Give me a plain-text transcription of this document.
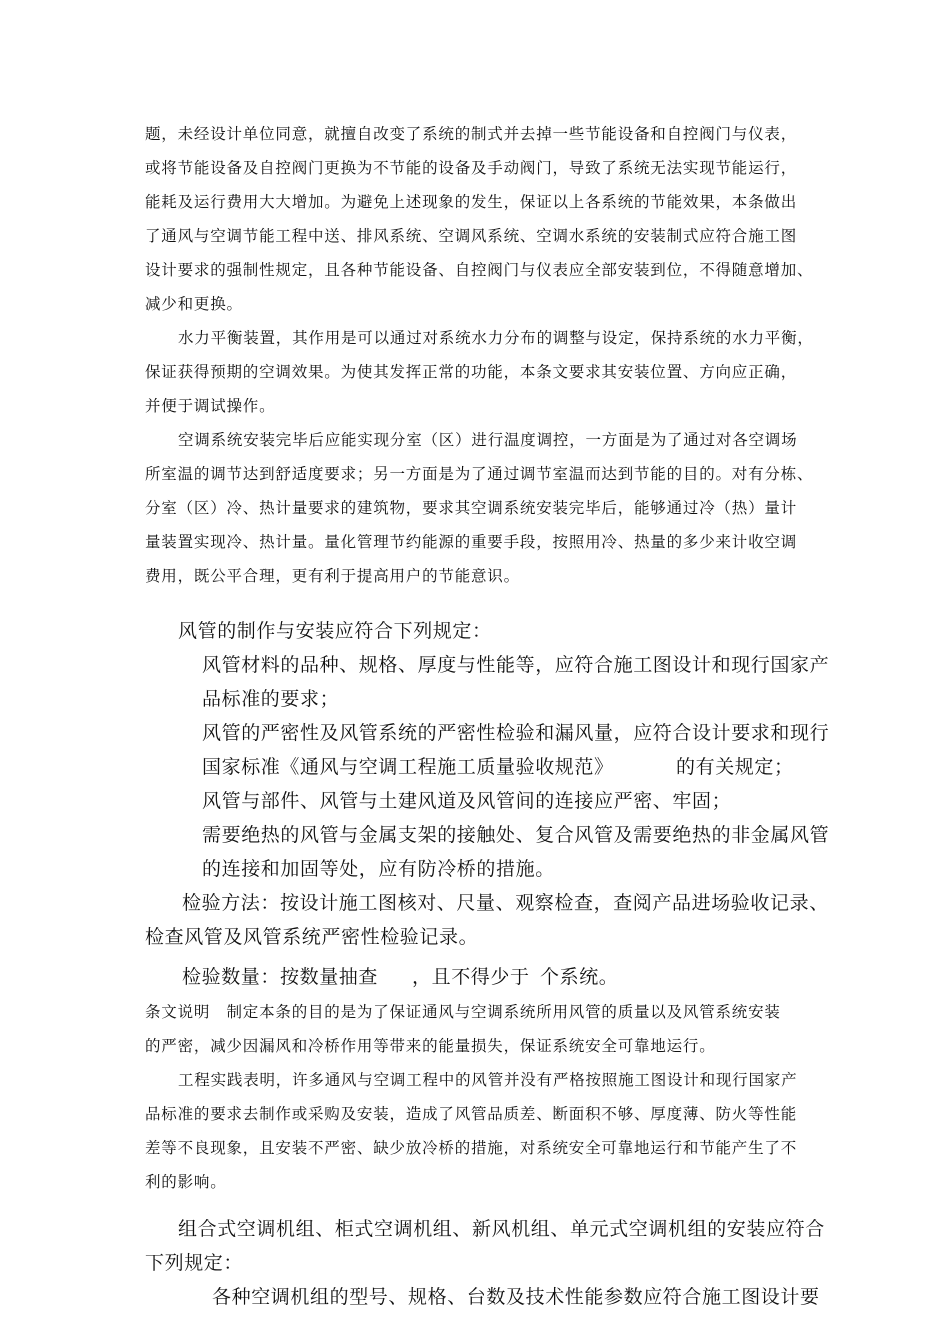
题，未经设计单位同意，就擅自改变了系统的制式并去掉一些节能设备和自控阀门与仪表，
或将节能设备及自控阀门更换为不节能的设备及手动阀门，导致了系统无法实现节能运行，
能耗及运行费用大大增加。为避免上述现象的发生，保证以上各系统的节能效果，本条做出
了通风与空调节能工程中送、排风系统、空调风系统、空调水系统的安装制式应符合施工图
设计要求的强制性规定，且各种节能设备、自控阀门与仪表应全部安装到位，不得随意增加、
减少和更换。
水力平衡装置，其作用是可以通过对系统水力分布的调整与设定，保持系统的水力平衡，
保证获得预期的空调效果。为使其发挥正常的功能，本条文要求其安装位置、方向应正确，
并便于调试操作。
空调系统安装完毕后应能实现分室（区）进行温度调控，一方面是为了通过对各空调场
所室温的调节达到舒适度要求；另一方面是为了通过调节室温而达到节能的目的。对有分栋、
分室（区）冷、热计量要求的建筑物，要求其空调系统安装完毕后，能够通过冷（热）量计
量装置实现冷、热计量。量化管理节约能源的重要手段，按照用冷、热量的多少来计收空调
费用，既公平合理，更有利于提高用户的节能意识。
风管的制作与安装应符合下列规定：
风管材料的品种、规格、厚度与性能等，应符合施工图设计和现行国家产
品标准的要求；
风管的严密性及风管系统的严密性检验和漏风量，应符合设计要求和现行
国家标准《通风与空调工程施工质量验收规范》	的有关规定；
风管与部件、风管与土建风道及风管间的连接应严密、牢固；
需要绝热的风管与金属支架的接触处、复合风管及需要绝热的非金属风管
的连接和加固等处，应有防冷桥的措施。
检验方法：按设计施工图核对、尺量、观察检查，查阅产品进场验收记录、
检查风管及风管系统严密性检验记录。
检验数量：按数量抽查 ，且不得少于 个系统。
条文说明　制定本条的目的是为了保证通风与空调系统所用风管的质量以及风管系统安装
的严密，减少因漏风和冷桥作用等带来的能量损失，保证系统安全可靠地运行。
工程实践表明，许多通风与空调工程中的风管并没有严格按照施工图设计和现行国家产
品标准的要求去制作或采购及安装，造成了风管品质差、断面积不够、厚度薄、防火等性能
差等不良现象，且安装不严密、缺少放冷桥的措施，对系统安全可靠地运行和节能产生了不
利的影响。
组合式空调机组、柜式空调机组、新风机组、单元式空调机组的安装应符合
下列规定：
各种空调机组的型号、规格、台数及技术性能参数应符合施工图设计要
